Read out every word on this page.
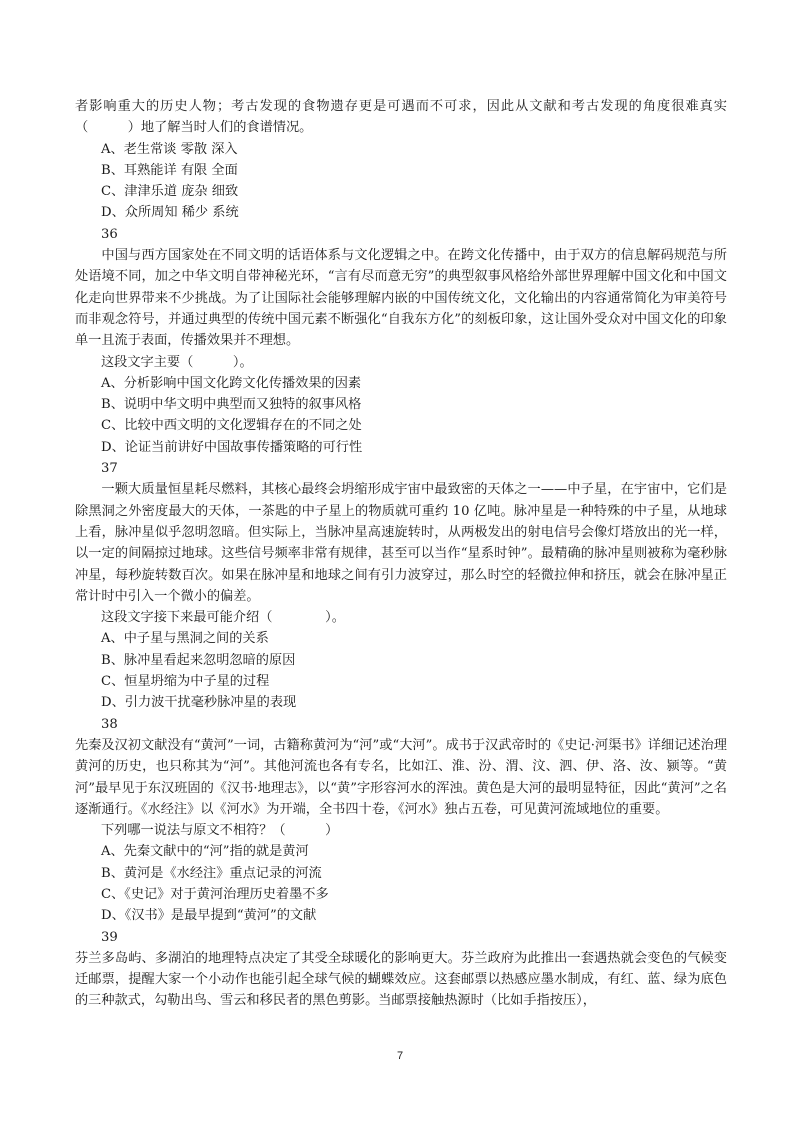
者影响重大的历史人物；考古发现的食物遗存更是可遇而不可求，因此从文献和考古发现的角度很难真实（　　　）地了解当时人们的食谱情况。

A、老生常谈 零散 深入

B、耳熟能详 有限 全面

C、津津乐道 庞杂 细致

D、众所周知 稀少 系统

36

中国与西方国家处在不同文明的话语体系与文化逻辑之中。在跨文化传播中，由于双方的信息解码规范与所处语境不同，加之中华文明自带神秘光环，“言有尽而意无穷”的典型叙事风格给外部世界理解中国文化和中国文化走向世界带来不少挑战。为了让国际社会能够理解内嵌的中国传统文化，文化输出的内容通常简化为审美符号而非观念符号，并通过典型的传统中国元素不断强化“自我东方化”的刻板印象，这让国外受众对中国文化的印象单一且流于表面，传播效果并不理想。

这段文字主要（　　　）。

A、分析影响中国文化跨文化传播效果的因素

B、说明中华文明中典型而又独特的叙事风格

C、比较中西文明的文化逻辑存在的不同之处

D、论证当前讲好中国故事传播策略的可行性

37

一颗大质量恒星耗尽燃料，其核心最终会坍缩形成宇宙中最致密的天体之一——中子星，在宇宙中，它们是除黑洞之外密度最大的天体，一茶匙的中子星上的物质就可重约 10 亿吨。脉冲星是一种特殊的中子星，从地球上看，脉冲星似乎忽明忽暗。但实际上，当脉冲星高速旋转时，从两极发出的射电信号会像灯塔放出的光一样，以一定的间隔掠过地球。这些信号频率非常有规律，甚至可以当作“星系时钟”。最精确的脉冲星则被称为毫秒脉冲星，每秒旋转数百次。如果在脉冲星和地球之间有引力波穿过，那么时空的轻微拉伸和挤压，就会在脉冲星正常计时中引入一个微小的偏差。

这段文字接下来最可能介绍（　　　　）。

A、中子星与黑洞之间的关系

B、脉冲星看起来忽明忽暗的原因

C、恒星坍缩为中子星的过程

D、引力波干扰毫秒脉冲星的表现

38

先秦及汉初文献没有“黄河”一词，古籍称黄河为“河”或“大河”。成书于汉武帝时的《史记·河渠书》详细记述治理黄河的历史，也只称其为“河”。其他河流也各有专名，比如江、淮、汾、渭、汶、泗、伊、洛、汝、颍等。“黄河”最早见于东汉班固的《汉书·地理志》，以“黄”字形容河水的浑浊。黄色是大河的最明显特征，因此“黄河”之名逐渐通行。《水经注》以《河水》为开端，全书四十卷，《河水》独占五卷，可见黄河流域地位的重要。

下列哪一说法与原文不相符？（　　　）

A、先秦文献中的“河”指的就是黄河

B、黄河是《水经注》重点记录的河流

C、《史记》对于黄河治理历史着墨不多

D、《汉书》是最早提到“黄河”的文献

39

芬兰多岛屿、多湖泊的地理特点决定了其受全球暖化的影响更大。芬兰政府为此推出一套遇热就会变色的气候变迁邮票，提醒大家一个小动作也能引起全球气候的蝴蝶效应。这套邮票以热感应墨水制成，有红、蓝、绿为底色的三种款式，勾勒出鸟、雪云和移民者的黑色剪影。当邮票接触热源时（比如手指按压），

7
